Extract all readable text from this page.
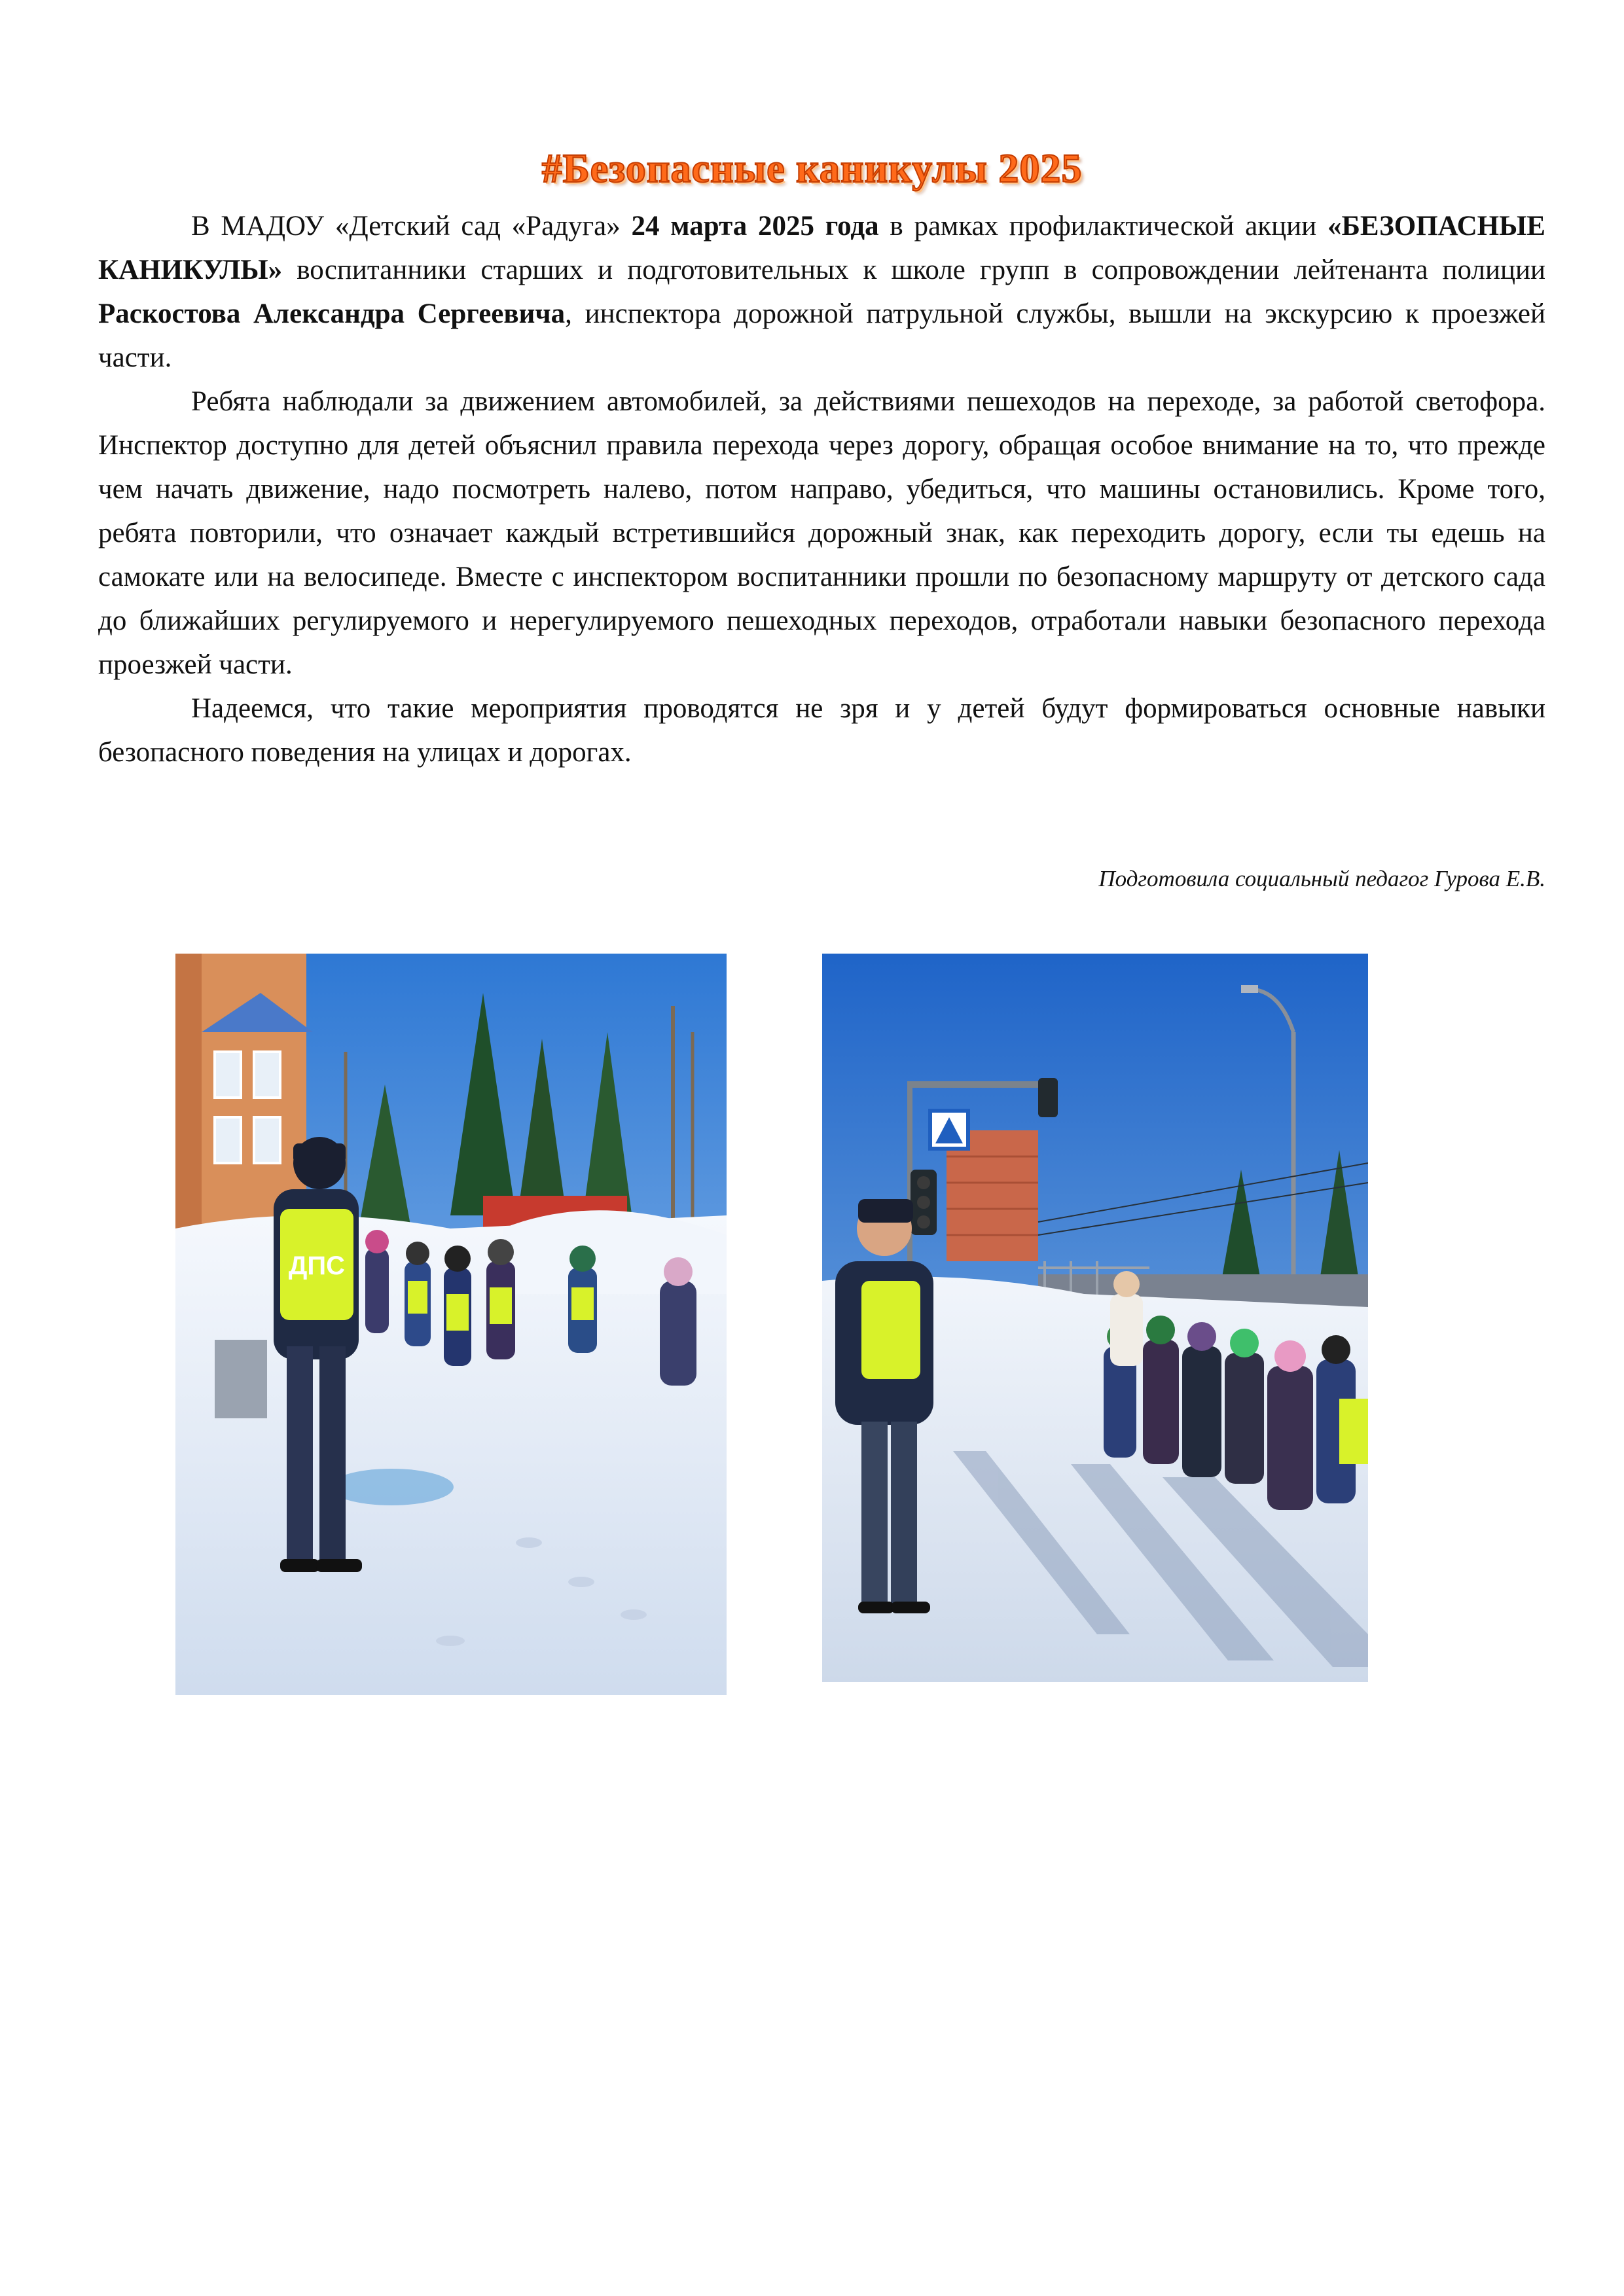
#Безопасные каникулы 2025

В МАДОУ «Детский сад «Радуга» 24 марта 2025 года в рамках профилактической акции «БЕЗОПАСНЫЕ КАНИКУЛЫ» воспитанники старших и подготовительных к школе групп в сопровождении лейтенанта полиции Раскостова Александра Сергеевича, инспектора дорожной патрульной службы, вышли на экскурсию к проезжей части.

Ребята наблюдали за движением автомобилей, за действиями пешеходов на переходе, за работой светофора. Инспектор доступно для детей объяснил правила перехода через дорогу, обращая особое внимание на то, что прежде чем начать движение, надо посмотреть налево, потом направо, убедиться, что машины остановились. Кроме того, ребята повторили, что означает каждый встретившийся дорожный знак, как переходить дорогу, если ты едешь на самокате или на велосипеде. Вместе с инспектором воспитанники прошли по безопасному маршруту от детского сада до ближайших регулируемого и нерегулируемого пешеходных переходов, отработали навыки безопасного перехода проезжей части.

Надеемся, что такие мероприятия проводятся не зря и у детей будут формироваться основные навыки безопасного поведения на улицах и дорогах.

Подготовила социальный педагог Гурова Е.В.
ДПС
